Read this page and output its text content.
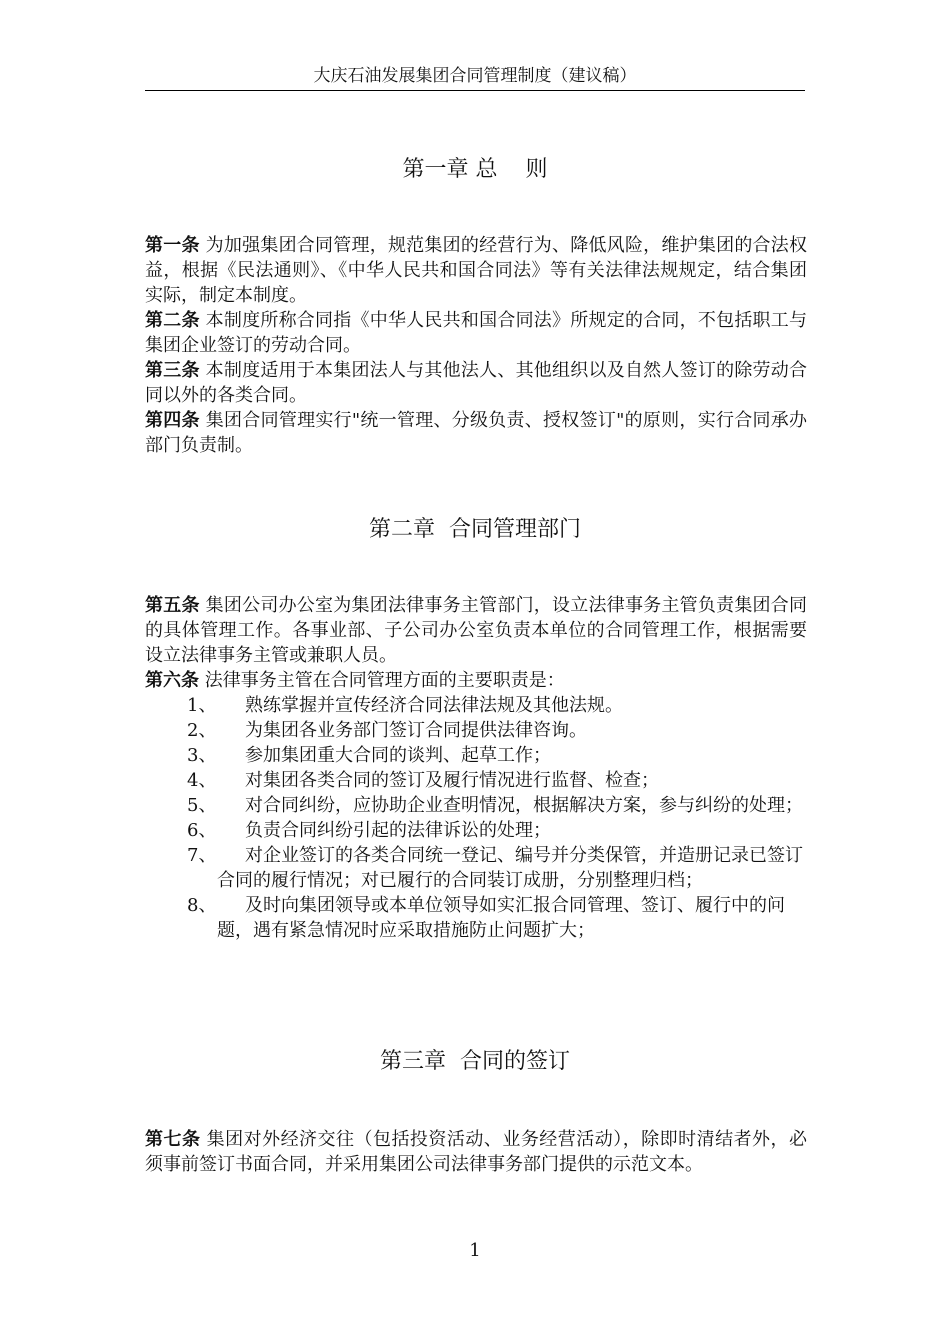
大庆石油发展集团合同管理制度（建议稿）
第一章 总    则
第一条 为加强集团合同管理，规范集团的经营行为、降低风险，维护集团的合法权益，根据《民法通则》、《中华人民共和国合同法》等有关法律法规规定，结合集团实际，制定本制度。
第二条 本制度所称合同指《中华人民共和国合同法》所规定的合同，不包括职工与集团企业签订的劳动合同。
第三条 本制度适用于本集团法人与其他法人、其他组织以及自然人签订的除劳动合同以外的各类合同。
第四条 集团合同管理实行"统一管理、分级负责、授权签订"的原则，实行合同承办部门负责制。
第二章  合同管理部门
第五条 集团公司办公室为集团法律事务主管部门，设立法律事务主管负责集团合同的具体管理工作。各事业部、子公司办公室负责本单位的合同管理工作，根据需要设立法律事务主管或兼职人员。
第六条 法律事务主管在合同管理方面的主要职责是：
1、	熟练掌握并宣传经济合同法律法规及其他法规。
2、	为集团各业务部门签订合同提供法律咨询。
3、	参加集团重大合同的谈判、起草工作；
4、	对集团各类合同的签订及履行情况进行监督、检查；
5、	对合同纠纷，应协助企业查明情况，根据解决方案，参与纠纷的处理；
6、	负责合同纠纷引起的法律诉讼的处理；
7、	对企业签订的各类合同统一登记、编号并分类保管，并造册记录已签订合同的履行情况；对已履行的合同装订成册，分别整理归档；
8、	及时向集团领导或本单位领导如实汇报合同管理、签订、履行中的问题，遇有紧急情况时应采取措施防止问题扩大；
第三章  合同的签订
第七条 集团对外经济交往（包括投资活动、业务经营活动），除即时清结者外，必须事前签订书面合同，并采用集团公司法律事务部门提供的示范文本。
1
